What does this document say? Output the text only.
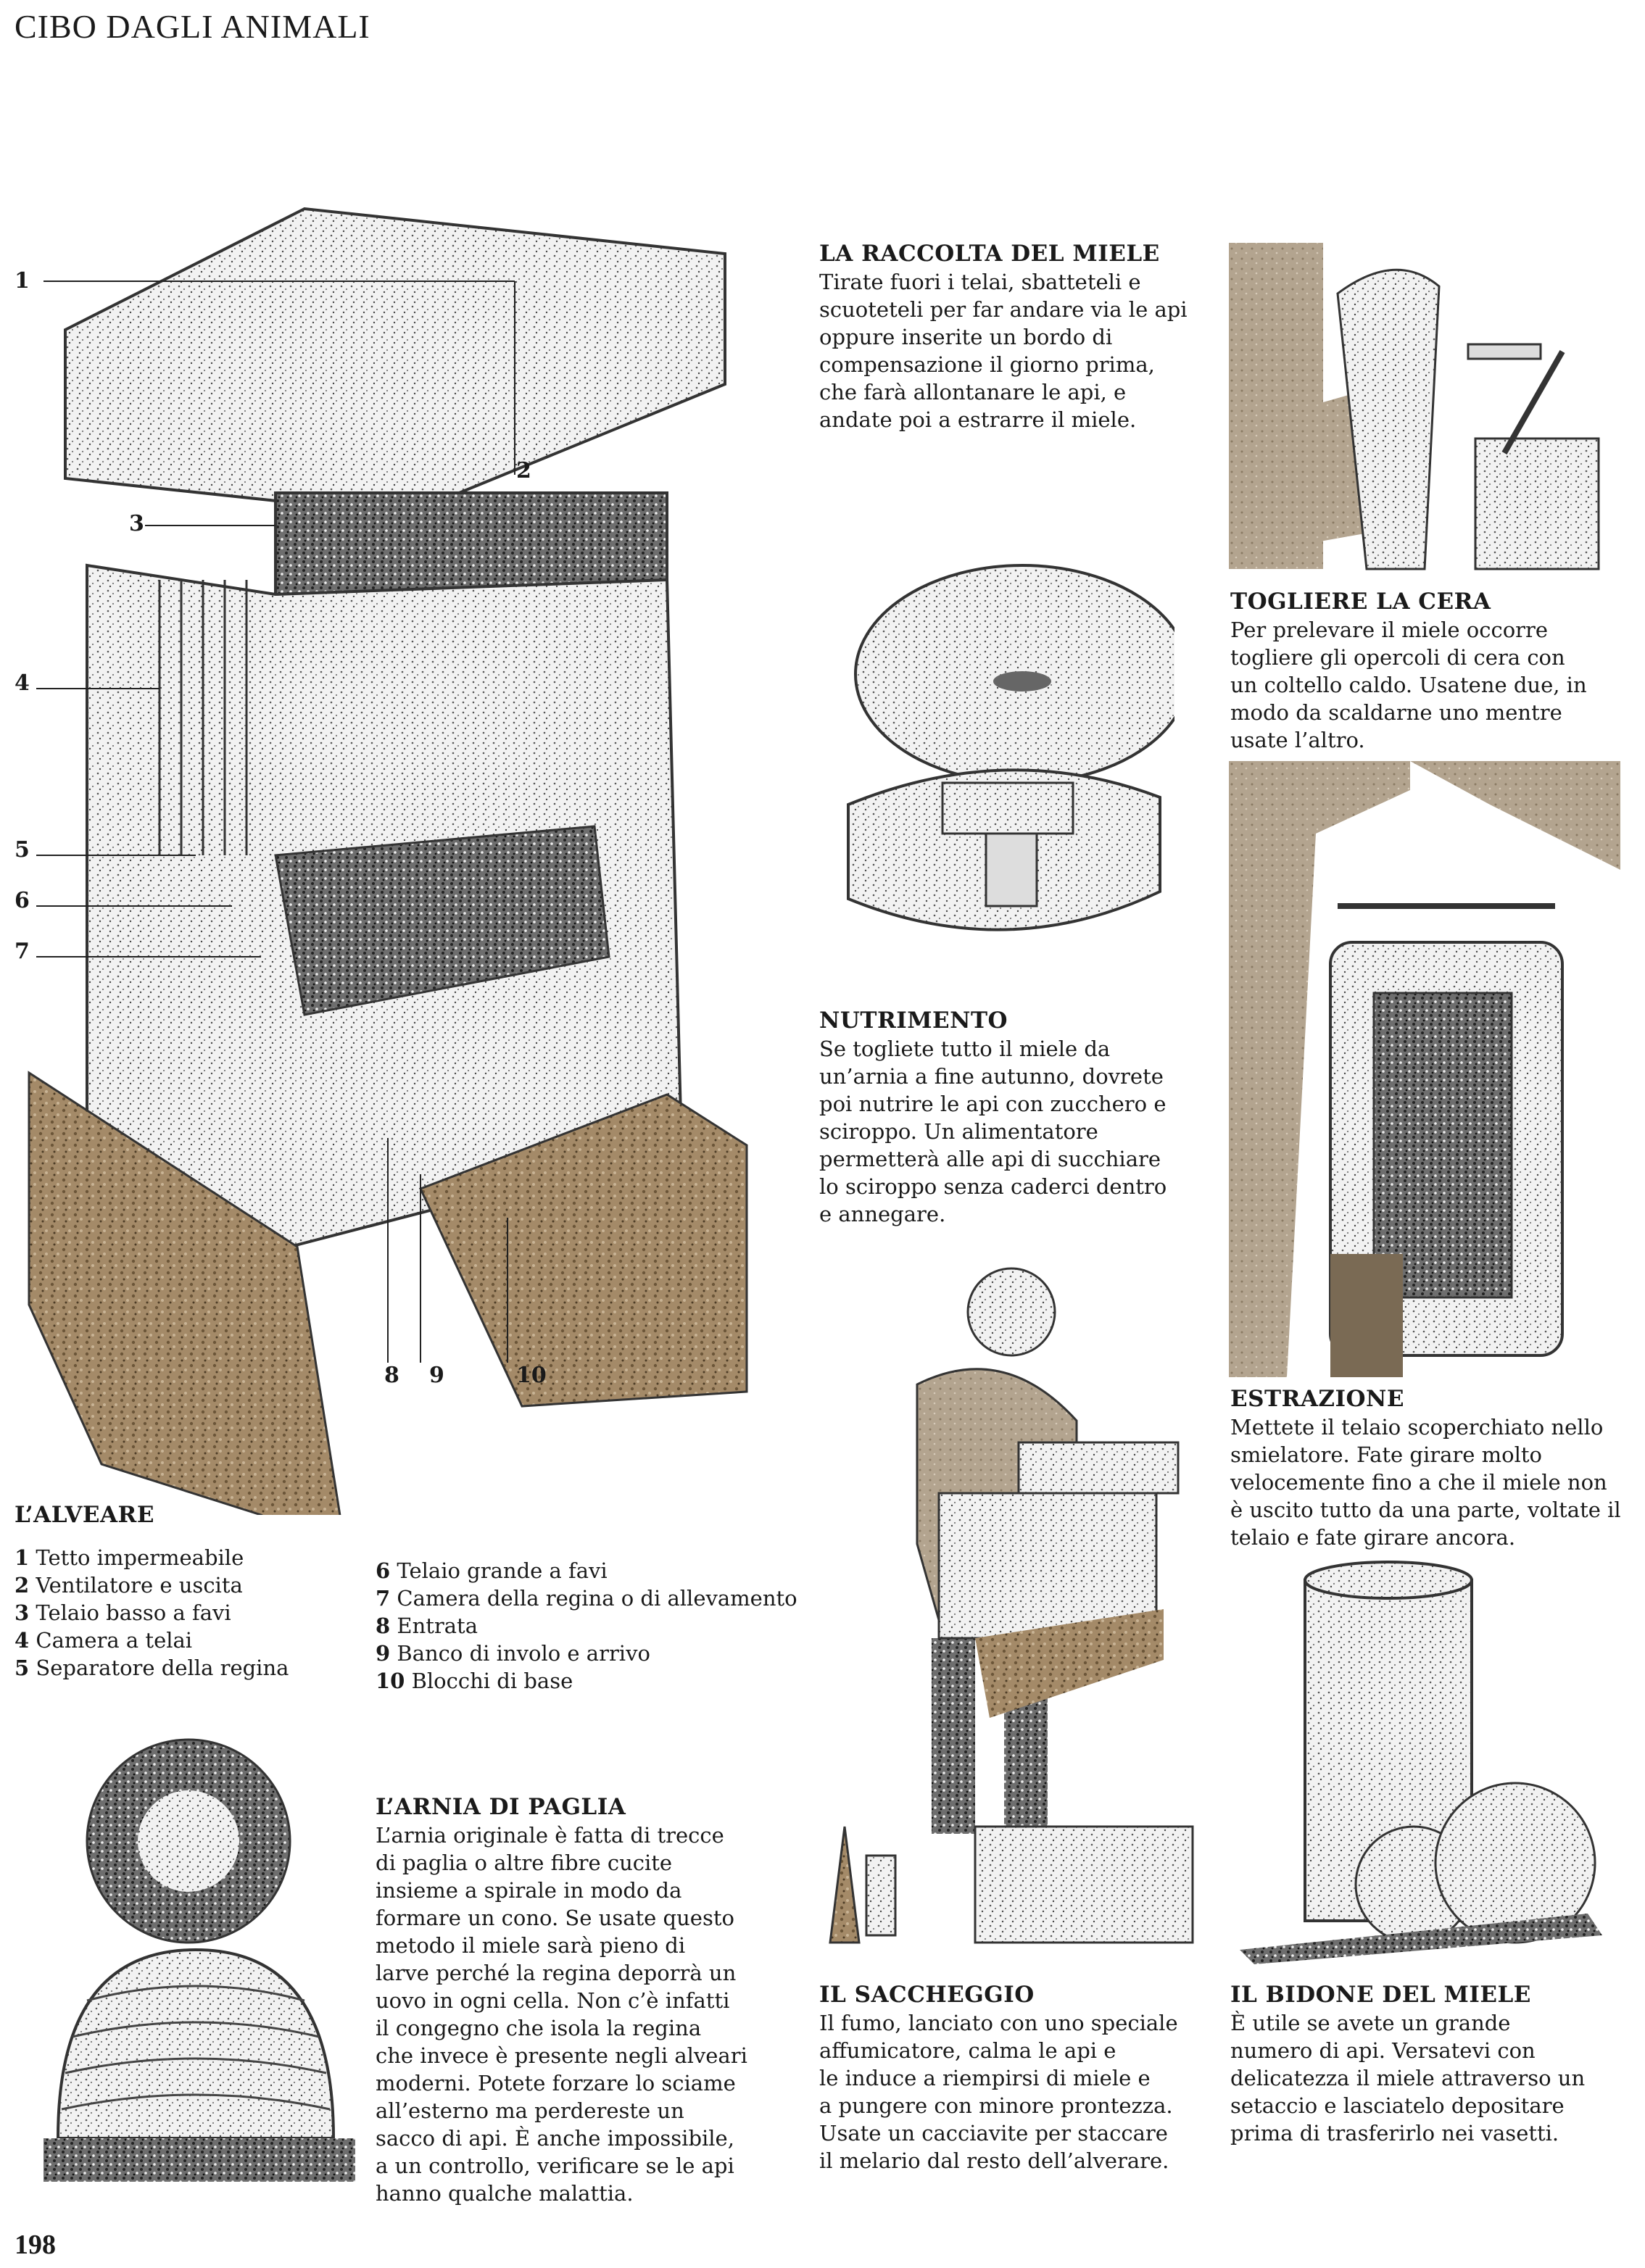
CIBO DAGLI ANIMALI
198
1
2
3
4
5
6
7
8 9	10
L’ALVEARE
1 Tetto impermeabile
2 Ventilatore e uscita
3 Telaio basso a favi
4 Camera a telai
5 Separatore della regina
6 Telaio grande a favi
7 Camera della regina o di allevamento
8 Entrata
9 Banco di involo e arrivo
10 Blocchi di base
LA RACCOLTA DEL MIELE

Tirate fuori i telai, sbatteteli e

scuoteteli per far andare via le api

oppure inserite un bordo di

compensazione il giorno prima,

che farà allontanare le api, e

andate poi a estrarre il miele.

TOGLIERE LA CERA

Per prelevare il miele occorre

togliere gli opercoli di cera con

un coltello caldo. Usatene due, in

modo da scaldarne uno mentre

usate l’altro.

NUTRIMENTO

Se togliete tutto il miele da

un’arnia a fine autunno, dovrete

poi nutrire le api con zucchero e

sciroppo. Un alimentatore

permetterà alle api di succhiare

lo sciroppo senza caderci dentro

e annegare.

ESTRAZIONE

Mettete il telaio scoperchiato nello

smielatore. Fate girare molto

velocemente fino a che il miele non

è uscito tutto da una parte, voltate il

telaio e fate girare ancora.

IL SACCHEGGIO

Il fumo, lanciato con uno speciale

affumicatore, calma le api e

le induce a riempirsi di miele e

a pungere con minore prontezza.

Usate un cacciavite per staccare

il melario dal resto dell’alverare.

IL BIDONE DEL MIELE

È utile se avete un grande

numero di api. Versatevi con

delicatezza il miele attraverso un

setaccio e lasciatelo depositare

prima di trasferirlo nei vasetti.

L’ARNIA DI PAGLIA

L’arnia originale è fatta di trecce

di paglia o altre fibre cucite

insieme a spirale in modo da

formare un cono. Se usate questo

metodo il miele sarà pieno di

larve perché la regina deporrà un

uovo in ogni cella. Non c’è infatti

il congegno che isola la regina

che invece è presente negli alveari

moderni. Potete forzare lo sciame

all’esterno ma perdereste un

sacco di api. È anche impossibile,

a un controllo, verificare se le api

hanno qualche malattia.
